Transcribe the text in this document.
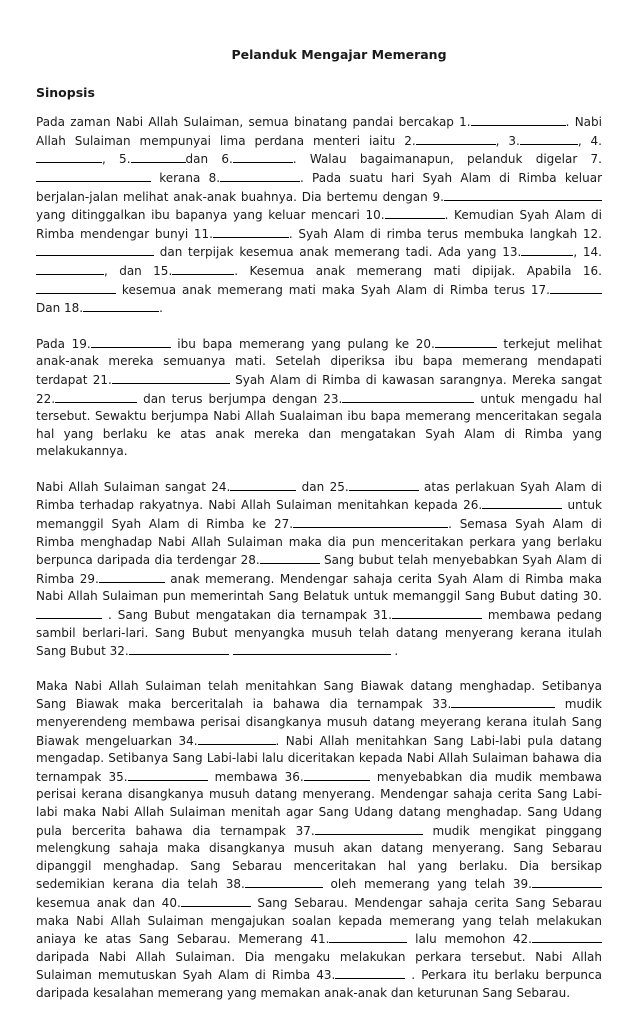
Pelanduk Mengajar Memerang
Sinopsis

Pada zaman Nabi Allah Sulaiman, semua binatang pandai bercakap 1.	. Nabi Allah Sulaiman mempunyai lima perdana menteri iaitu 2.	, 3.	, 4., 5.	dan 6.	. Walau bagaimanapun, pelanduk digelar 7. kerana 8.	. Pada suatu hari Syah Alam di Rimba keluar berjalan-jalan melihat anak-anak buahnya. Dia bertemu dengan 9. yang ditinggalkan ibu bapanya yang keluar mencari 10.	. Kemudian Syah Alam di Rimba mendengar bunyi 11.	. Syah Alam di rimba terus membuka langkah 12. dan terpijak kesemua anak memerang tadi. Ada yang 13.	, 14., dan 15.	. Kesemua anak memerang mati dipijak. Apabila 16. kesemua anak memerang mati maka Syah Alam di Rimba terus 17. Dan 18.	.

Pada 19.	ibu bapa memerang yang pulang ke 20.	terkejut melihat anak-anak mereka semuanya mati. Setelah diperiksa ibu bapa memerang mendapati terdapat 21.	Syah Alam di Rimba di kawasan sarangnya. Mereka sangat 22.	dan terus berjumpa dengan 23.	untuk mengadu hal tersebut. Sewaktu berjumpa Nabi Allah Sualaiman ibu bapa memerang menceritakan segala hal yang berlaku ke atas anak mereka dan mengatakan Syah Alam di Rimba yang melakukannya.

Nabi Allah Sulaiman sangat 24.	dan 25.	atas perlakuan Syah Alam di Rimba terhadap rakyatnya. Nabi Allah Sulaiman menitahkan kepada 26.	untuk memanggil Syah Alam di Rimba ke 27.	. Semasa Syah Alam di Rimba menghadap Nabi Allah Sulaiman maka dia pun menceritakan perkara yang berlaku berpunca daripada dia terdengar 28.	Sang bubut telah menyebabkan Syah Alam di Rimba 29.	anak memerang. Mendengar sahaja cerita Syah Alam di Rimba maka Nabi Allah Sulaiman pun memerintah Sang Belatuk untuk memanggil Sang Bubut dating 30. . Sang Bubut mengatakan dia ternampak 31.	membawa pedang sambil berlari-lari. Sang Bubut menyangka musuh telah datang menyerang kerana itulah Sang Bubut 32.	.

Maka Nabi Allah Sulaiman telah menitahkan Sang Biawak datang menghadap. Setibanya Sang Biawak maka berceritalah ia bahawa dia ternampak 33.	mudik menyerendeng membawa perisai disangkanya musuh datang meyerang kerana itulah Sang Biawak mengeluarkan 34.	. Nabi Allah menitahkan Sang Labi-labi pula datang mengadap. Setibanya Sang Labi-labi lalu diceritakan kepada Nabi Allah Sulaiman bahawa dia ternampak 35.	membawa 36.	menyebabkan dia mudik membawa perisai kerana disangkanya musuh datang menyerang. Mendengar sahaja cerita Sang Labi-labi maka Nabi Allah Sulaiman menitah agar Sang Udang datang menghadap. Sang Udang pula bercerita bahawa dia ternampak 37.	mudik mengikat pinggang melengkung sahaja maka disangkanya musuh akan datang menyerang. Sang Sebarau dipanggil menghadap. Sang Sebarau menceritakan hal yang berlaku. Dia bersikap sedemikian kerana dia telah 38.	oleh memerang yang telah 39. kesemua anak dan 40.	Sang Sebarau. Mendengar sahaja cerita Sang Sebarau maka Nabi Allah Sulaiman mengajukan soalan kepada memerang yang telah melakukan aniaya ke atas Sang Sebarau. Memerang 41.	lalu memohon 42. daripada Nabi Allah Sulaiman. Dia mengaku melakukan perkara tersebut. Nabi Allah Sulaiman memutuskan Syah Alam di Rimba 43.	. Perkara itu berlaku berpunca daripada kesalahan memerang yang memakan anak-anak dan keturunan Sang Sebarau.
